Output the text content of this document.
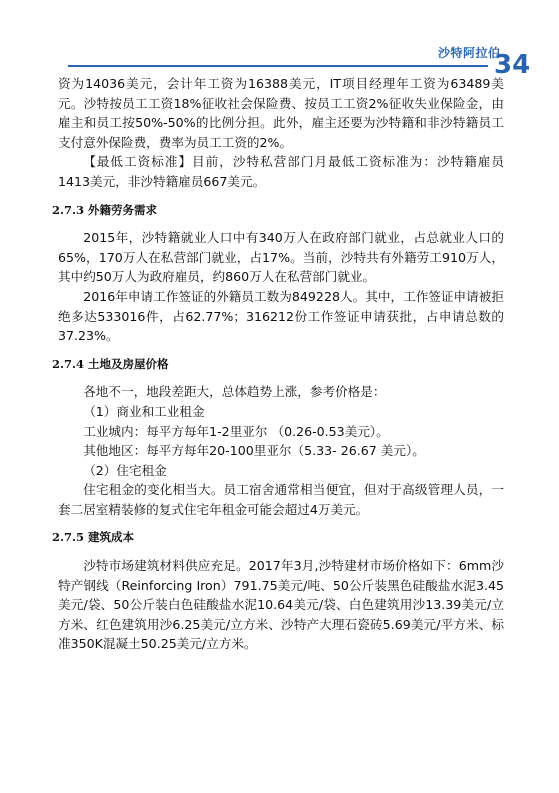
沙特阿拉伯
34

资为14036美元，会计年工资为16388美元，IT项目经理年工资为63489美元。沙特按员工工资18%征收社会保险费、按员工工资2%征收失业保险金，由雇主和员工按50%-50%的比例分担。此外，雇主还要为沙特籍和非沙特籍员工支付意外保险费，费率为员工工资的2%。

【最低工资标准】目前，沙特私营部门月最低工资标准为：沙特籍雇员1413美元，非沙特籍雇员667美元。

2.7.3 外籍劳务需求

2015年，沙特籍就业人口中有340万人在政府部门就业，占总就业人口的65%，170万人在私营部门就业，占17%。当前，沙特共有外籍劳工910万人，其中约50万人为政府雇员，约860万人在私营部门就业。

2016年申请工作签证的外籍员工数为849228人。其中，工作签证申请被拒绝多达533016件，占62.77%；316212份工作签证申请获批，占申请总数的37.23%。

2.7.4 土地及房屋价格

各地不一，地段差距大，总体趋势上涨，参考价格是：

（1）商业和工业租金

工业城内：每平方每年1-2里亚尔 （0.26-0.53美元）。

其他地区：每平方每年20-100里亚尔（5.33- 26.67 美元）。

（2）住宅租金

住宅租金的变化相当大。员工宿舍通常相当便宜，但对于高级管理人员，一套二居室精装修的复式住宅年租金可能会超过4万美元。

2.7.5 建筑成本

沙特市场建筑材料供应充足。2017年3月,沙特建材市场价格如下：6mm沙特产钢线（Reinforcing Iron）791.75美元/吨、50公斤装黑色硅酸盐水泥3.45美元/袋、50公斤装白色硅酸盐水泥10.64美元/袋、白色建筑用沙13.39美元/立方米、红色建筑用沙6.25美元/立方米、沙特产大理石瓷砖5.69美元/平方米、标准350K混凝土50.25美元/立方米。
